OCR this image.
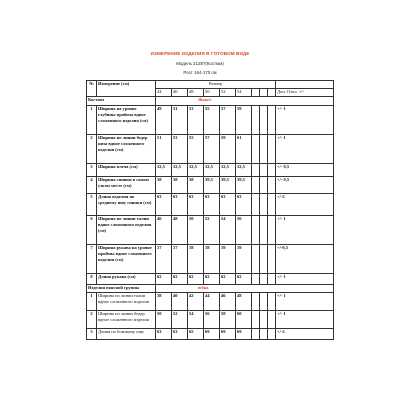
ИЗМЕРЕНИЕ ИЗДЕЛИЯ В ГОТОВОМ ВИДЕ
Модель 21287(Костюм)
Рост 164-170 см
№	Измерение (см)	Размер									
		44	46	48	50	52	54				Доп. Откл. +/-
Костюм		Жакет									
1	Ширина на уровне глубины проймы вдное сложенного изделия (см)	49	51	53	55	57	59				+/- 1
2	Ширина по линии бедер низа вдное сложенного изделия (см)	51	53	55	57	59	61				+/- 1
3	Ширина плеча (см)	12,5	12,5	12,5	12,5	12,5	12,5				+/- 0,5
4	Ширина спинки в самом узком месте (см)	38	38	38	39,5	39,5	39,5				+/- 0,5
5	Длина изделия по среднему шву спинки (см)	63	63	63	63	63	63				+/-2
6	Ширина по линии талии вдное сложенного изделия (см)	46	48	50	52	54	56				+/- 1
7	Ширина рукава на уровне проймы вдное сложенного изделия (см)	17	17	18	18	19	19				+/-0,5
8	Длина рукава (см)	62	62	62	62	62	62				+/- 1
Изделия поясной группы		юбка									
1	Ширина по линии талии вдное сложенного изделия	38	40	42	44	46	48				+/- 1
2	Ширина по линии бедер вдное сложенного изделия	50	52	54	56	58	60				+/- 1
3	Длина по боковому шву	63	63	65	69	69	69				+/-2
